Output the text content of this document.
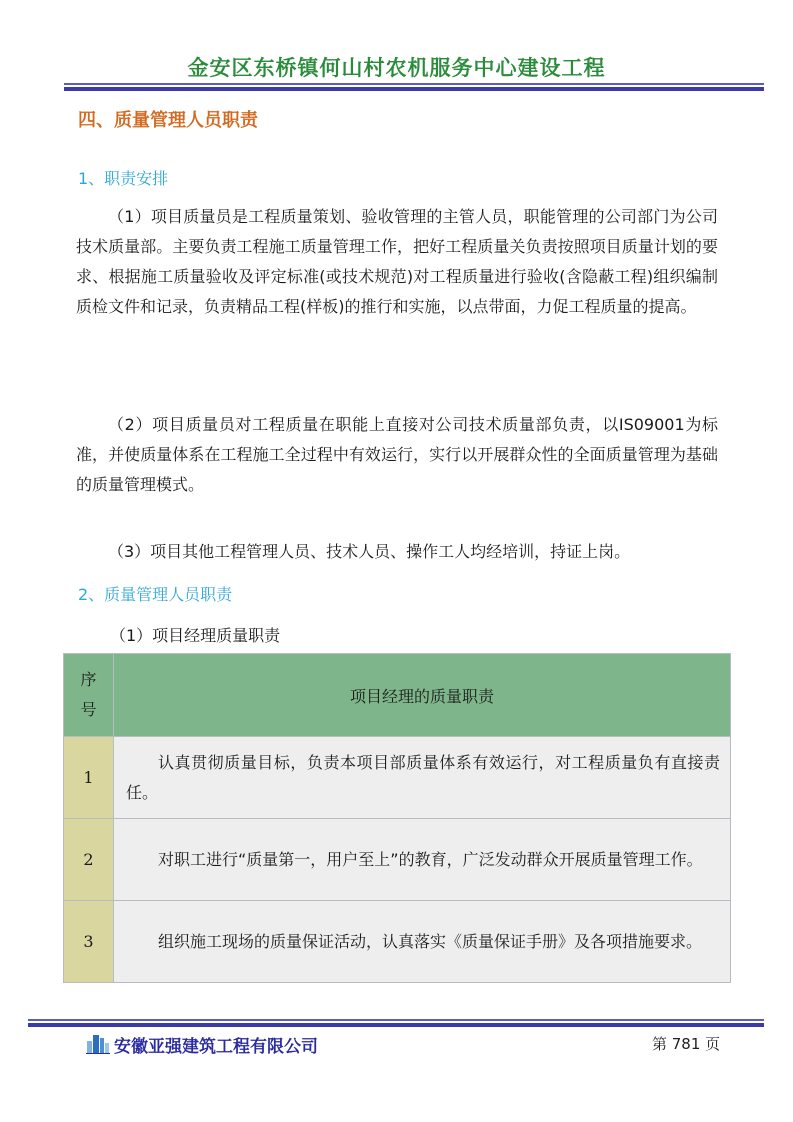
金安区东桥镇何山村农机服务中心建设工程
四、质量管理人员职责
1、职责安排

（1）项目质量员是工程质量策划、验收管理的主管人员，职能管理的公司部门为公司技术质量部。主要负责工程施工质量管理工作，把好工程质量关负责按照项目质量计划的要求、根据施工质量验收及评定标准(或技术规范)对工程质量进行验收(含隐蔽工程)组织编制质检文件和记录，负责精品工程(样板)的推行和实施，以点带面，力促工程质量的提高。

（2）项目质量员对工程质量在职能上直接对公司技术质量部负责，以IS09001为标准，并使质量体系在工程施工全过程中有效运行，实行以开展群众性的全面质量管理为基础的质量管理模式。

（3）项目其他工程管理人员、技术人员、操作工人均经培训，持证上岗。

2、质量管理人员职责
（1）项目经理质量职责
序号	项目经理的质量职责
1	认真贯彻质量目标，负责本项目部质量体系有效运行，对工程质量负有直接责任。
2	对职工进行“质量第一，用户至上”的教育，广泛发动群众开展质量管理工作。
3	组织施工现场的质量保证活动，认真落实《质量保证手册》及各项措施要求。
安徽亚强建筑工程有限公司	第 781 页
